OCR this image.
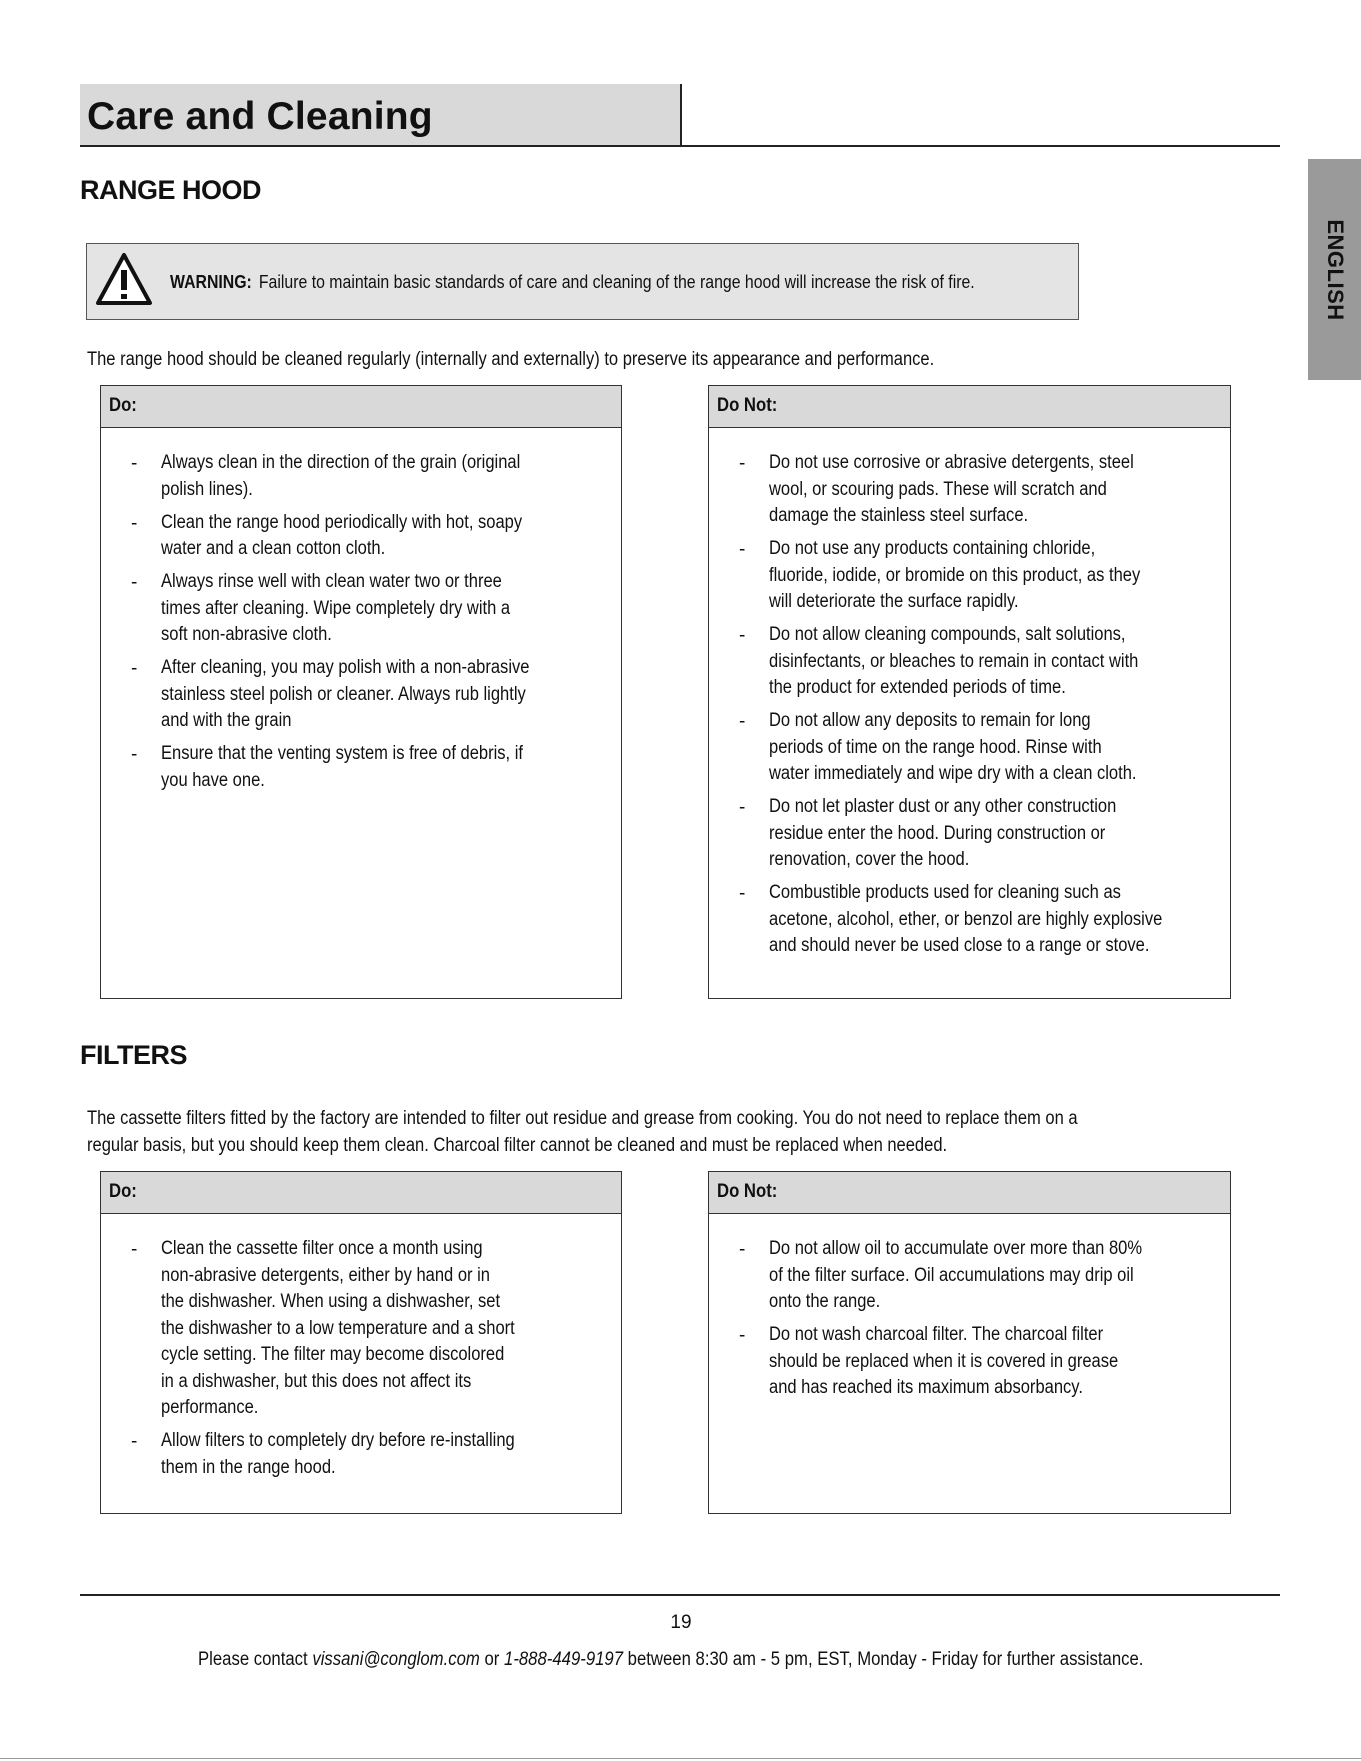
Care and Cleaning
ENGLISH
RANGE HOOD
WARNING: Failure to maintain basic standards of care and cleaning of the range hood will increase the risk of fire.
The range hood should be cleaned regularly (internally and externally) to preserve its appearance and performance.
Do:
- Always clean in the direction of the grain (original
polish lines).
- Clean the range hood periodically with hot, soapy
water and a clean cotton cloth.
- Always rinse well with clean water two or three
times after cleaning. Wipe completely dry with a
soft non-abrasive cloth.
- After cleaning, you may polish with a non-abrasive
stainless steel polish or cleaner. Always rub lightly
and with the grain
- Ensure that the venting system is free of debris, if
you have one.
Do Not:
- Do not use corrosive or abrasive detergents, steel
wool, or scouring pads. These will scratch and
damage the stainless steel surface.
- Do not use any products containing chloride,
fluoride, iodide, or bromide on this product, as they
will deteriorate the surface rapidly.
- Do not allow cleaning compounds, salt solutions,
disinfectants, or bleaches to remain in contact with
the product for extended periods of time.
- Do not allow any deposits to remain for long
periods of time on the range hood. Rinse with
water immediately and wipe dry with a clean cloth.
- Do not let plaster dust or any other construction
residue enter the hood. During construction or
renovation, cover the hood.
- Combustible products used for cleaning such as
acetone, alcohol, ether, or benzol are highly explosive
and should never be used close to a range or stove.
FILTERS
The cassette filters fitted by the factory are intended to filter out residue and grease from cooking. You do not need to replace them on a
regular basis, but you should keep them clean. Charcoal filter cannot be cleaned and must be replaced when needed.
Do:
- Clean the cassette filter once a month using
non-abrasive detergents, either by hand or in
the dishwasher. When using a dishwasher, set
the dishwasher to a low temperature and a short
cycle setting. The filter may become discolored
in a dishwasher, but this does not affect its
performance.
- Allow filters to completely dry before re-installing
them in the range hood.
Do Not:
- Do not allow oil to accumulate over more than 80%
of the filter surface. Oil accumulations may drip oil
onto the range.
- Do not wash charcoal filter. The charcoal filter
should be replaced when it is covered in grease
and has reached its maximum absorbancy.
19
Please contact vissani@conglom.com or 1-888-449-9197 between 8:30 am - 5 pm, EST, Monday - Friday for further assistance.
